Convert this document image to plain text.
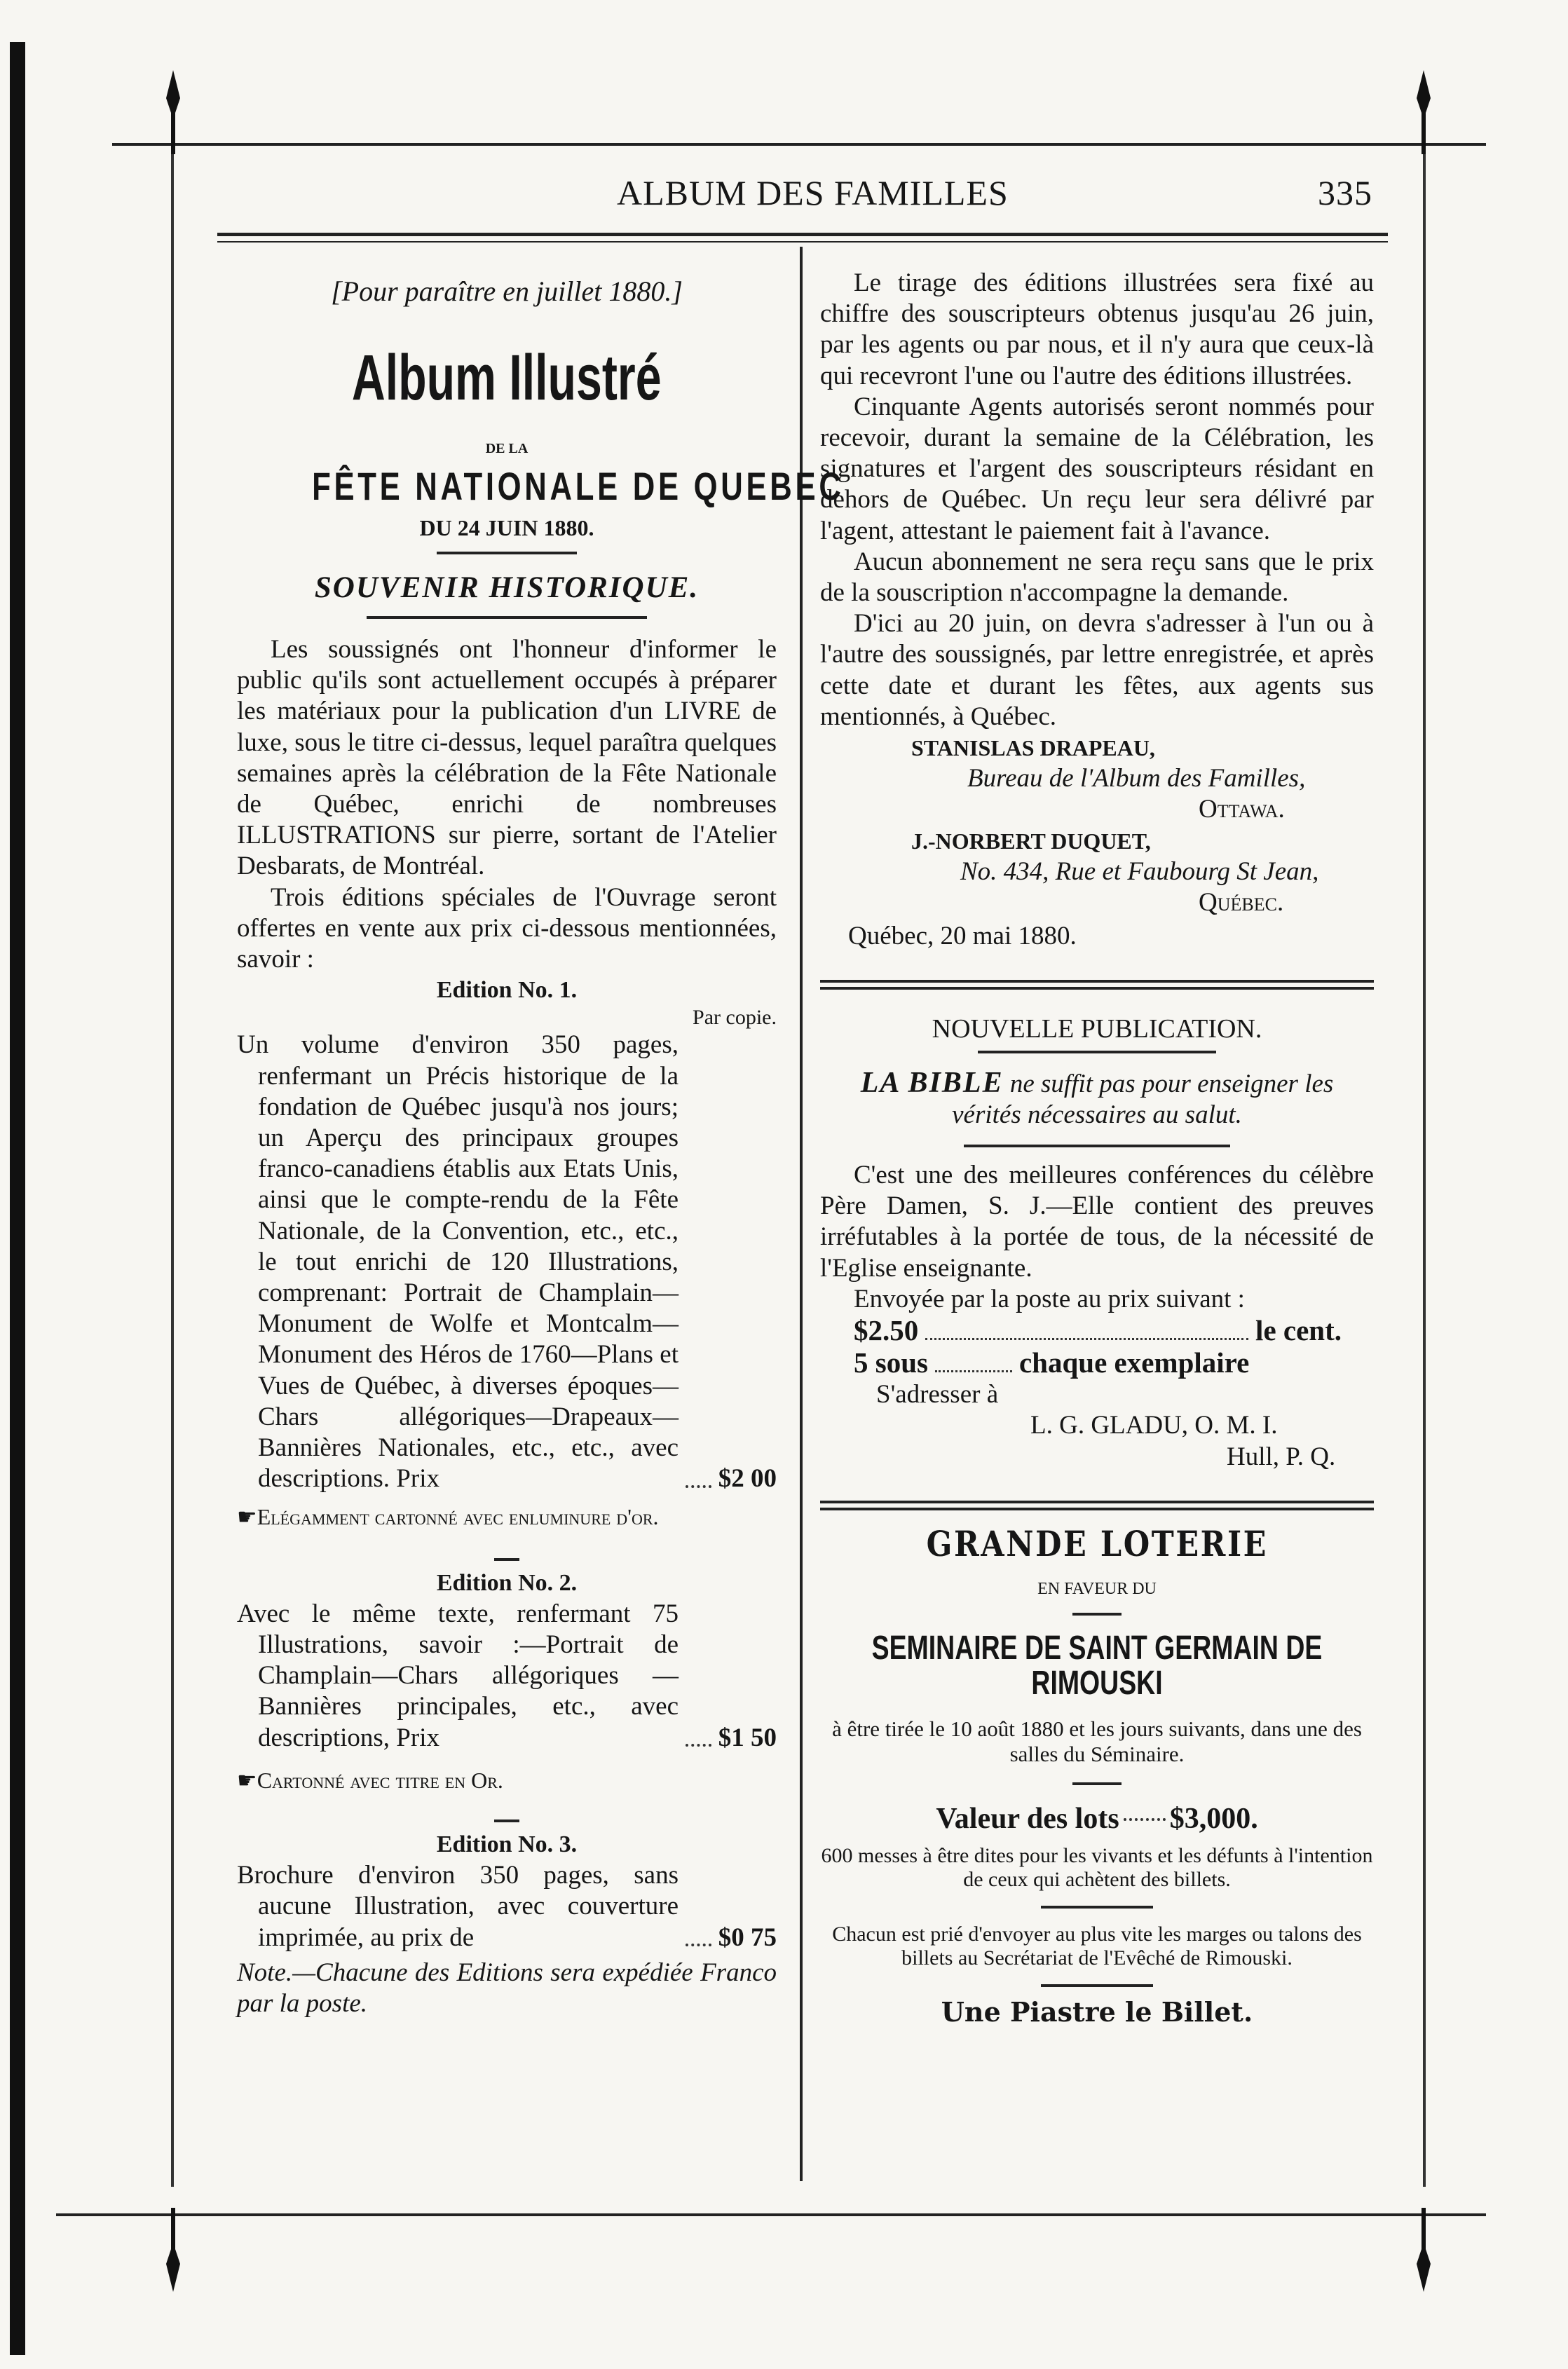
ALBUM DES FAMILLES	335

[Pour paraître en juillet 1880.]

Album Illustré

DE LA

FÊTE NATIONALE DE QUEBEC

DU 24 JUIN 1880.

SOUVENIR HISTORIQUE.

Les soussignés ont l'honneur d'informer le public qu'ils sont actuellement occupés à préparer les matériaux pour la publication d'un LIVRE de luxe, sous le titre ci-dessus, lequel paraîtra quelques semaines après la célébration de la Fête Nationale de Québec, enrichi de nombreuses ILLUSTRATIONS sur pierre, sortant de l'Atelier Desbarats, de Montréal.

Trois éditions spéciales de l'Ouvrage seront offertes en vente aux prix ci-dessous mentionnées, savoir :

Edition No. 1.

Par copie.

Un volume d'environ 350 pages, renfermant un Précis historique de la fondation de Québec jusqu'à nos jours; un Aperçu des principaux groupes franco-canadiens établis aux Etats Unis, ainsi que le compte-rendu de la Fête Nationale, de la Convention, etc., etc., le tout enrichi de 120 Illustrations, comprenant: Portrait de Champlain—Monument de Wolfe et Montcalm—Monument des Héros de 1760—Plans et Vues de Québec, à diverses époques—Chars allégoriques—Drapeaux—Bannières Nationales, etc., etc., avec descriptions. Prix	$2 00

☛Elégamment cartonné avec enluminure d'or.

Edition No. 2.

Avec le même texte, renfermant 75 Illustrations, savoir :—Portrait de Champlain—Chars allégoriques — Bannières principales, etc., avec descriptions, Prix	$1 50

☛Cartonné avec titre en Or.

Edition No. 3.

Brochure d'environ 350 pages, sans aucune Illustration, avec couverture imprimée, au prix de	$0 75

Note.—Chacune des Editions sera expédiée Franco par la poste.

Le tirage des éditions illustrées sera fixé au chiffre des souscripteurs obtenus jusqu'au 26 juin, par les agents ou par nous, et il n'y aura que ceux-là qui recevront l'une ou l'autre des éditions illustrées.

Cinquante Agents autorisés seront nommés pour recevoir, durant la semaine de la Célébration, les signatures et l'argent des souscripteurs résidant en dehors de Québec. Un reçu leur sera délivré par l'agent, attestant le paiement fait à l'avance.

Aucun abonnement ne sera reçu sans que le prix de la souscription n'accompagne la demande.

D'ici au 20 juin, on devra s'adresser à l'un ou à l'autre des soussignés, par lettre enregistrée, et après cette date et durant les fêtes, aux agents sus mentionnés, à Québec.

STANISLAS DRAPEAU,

Bureau de l'Album des Familles,

Ottawa.

J.-NORBERT DUQUET,

No. 434, Rue et Faubourg St Jean,

Québec.

Québec, 20 mai 1880.

NOUVELLE PUBLICATION.

LA BIBLE ne suffit pas pour enseigner les vérités nécessaires au salut.

C'est une des meilleures conférences du célèbre Père Damen, S. J.—Elle contient des preuves irréfutables à la portée de tous, de la nécessité de l'Eglise enseignante.

Envoyée par la poste au prix suivant :

$2.50	le cent.
5 sous	chaque exemplaire

S'adresser à

L. G. GLADU, O. M. I.

Hull, P. Q.

GRANDE LOTERIE

EN FAVEUR DU

SEMINAIRE DE SAINT GERMAIN DE RIMOUSKI

à être tirée le 10 août 1880 et les jours suivants, dans une des salles du Séminaire.

Valeur des lots $3,000.

600 messes à être dites pour les vivants et les défunts à l'intention de ceux qui achètent des billets.

Chacun est prié d'envoyer au plus vite les marges ou talons des billets au Secrétariat de l'Evêché de Rimouski.

Une Piastre le Billet.
